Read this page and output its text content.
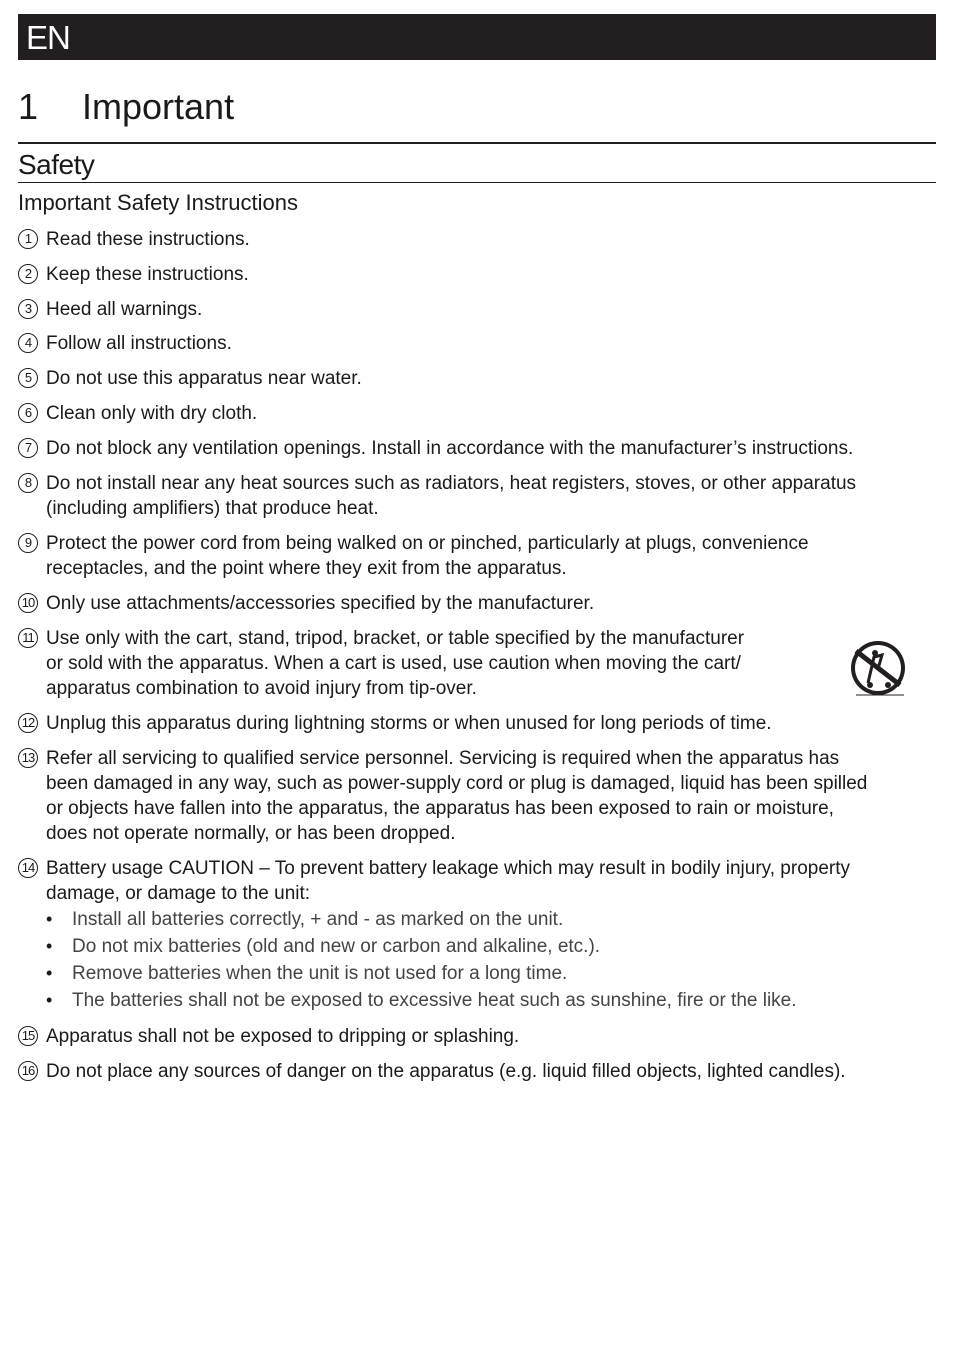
EN
1 Important
Safety
Important Safety Instructions
1 Read these instructions.
2 Keep these instructions.
3 Heed all warnings.
4 Follow all instructions.
5 Do not use this apparatus near water.
6 Clean only with dry cloth.
7 Do not block any ventilation openings. Install in accordance with the manufacturer’s instructions.
8 Do not install near any heat sources such as radiators, heat registers, stoves, or other apparatus
(including amplifiers) that produce heat.
9 Protect the power cord from being walked on or pinched, particularly at plugs, convenience
receptacles, and the point where they exit from the apparatus.
10 Only use attachments/accessories specified by the manufacturer.
11 Use only with the cart, stand, tripod, bracket, or table specified by the manufacturer
or sold with the apparatus. When a cart is used, use caution when moving the cart/
apparatus combination to avoid injury from tip-over.
12 Unplug this apparatus during lightning storms or when unused for long periods of time.
13 Refer all servicing to qualified service personnel. Servicing is required when the apparatus has
been damaged in any way, such as power-supply cord or plug is damaged, liquid has been spilled
or objects have fallen into the apparatus, the apparatus has been exposed to rain or moisture,
does not operate normally, or has been dropped.
14 Battery usage CAUTION – To prevent battery leakage which may result in bodily injury, property
damage, or damage to the unit:
15 Apparatus shall not be exposed to dripping or splashing.
16 Do not place any sources of danger on the apparatus (e.g. liquid filled objects, lighted candles).
• Install all batteries correctly, + and - as marked on the unit.
• Do not mix batteries (old and new or carbon and alkaline, etc.).
• Remove batteries when the unit is not used for a long time.
• The batteries shall not be exposed to excessive heat such as sunshine, fire or the like.
